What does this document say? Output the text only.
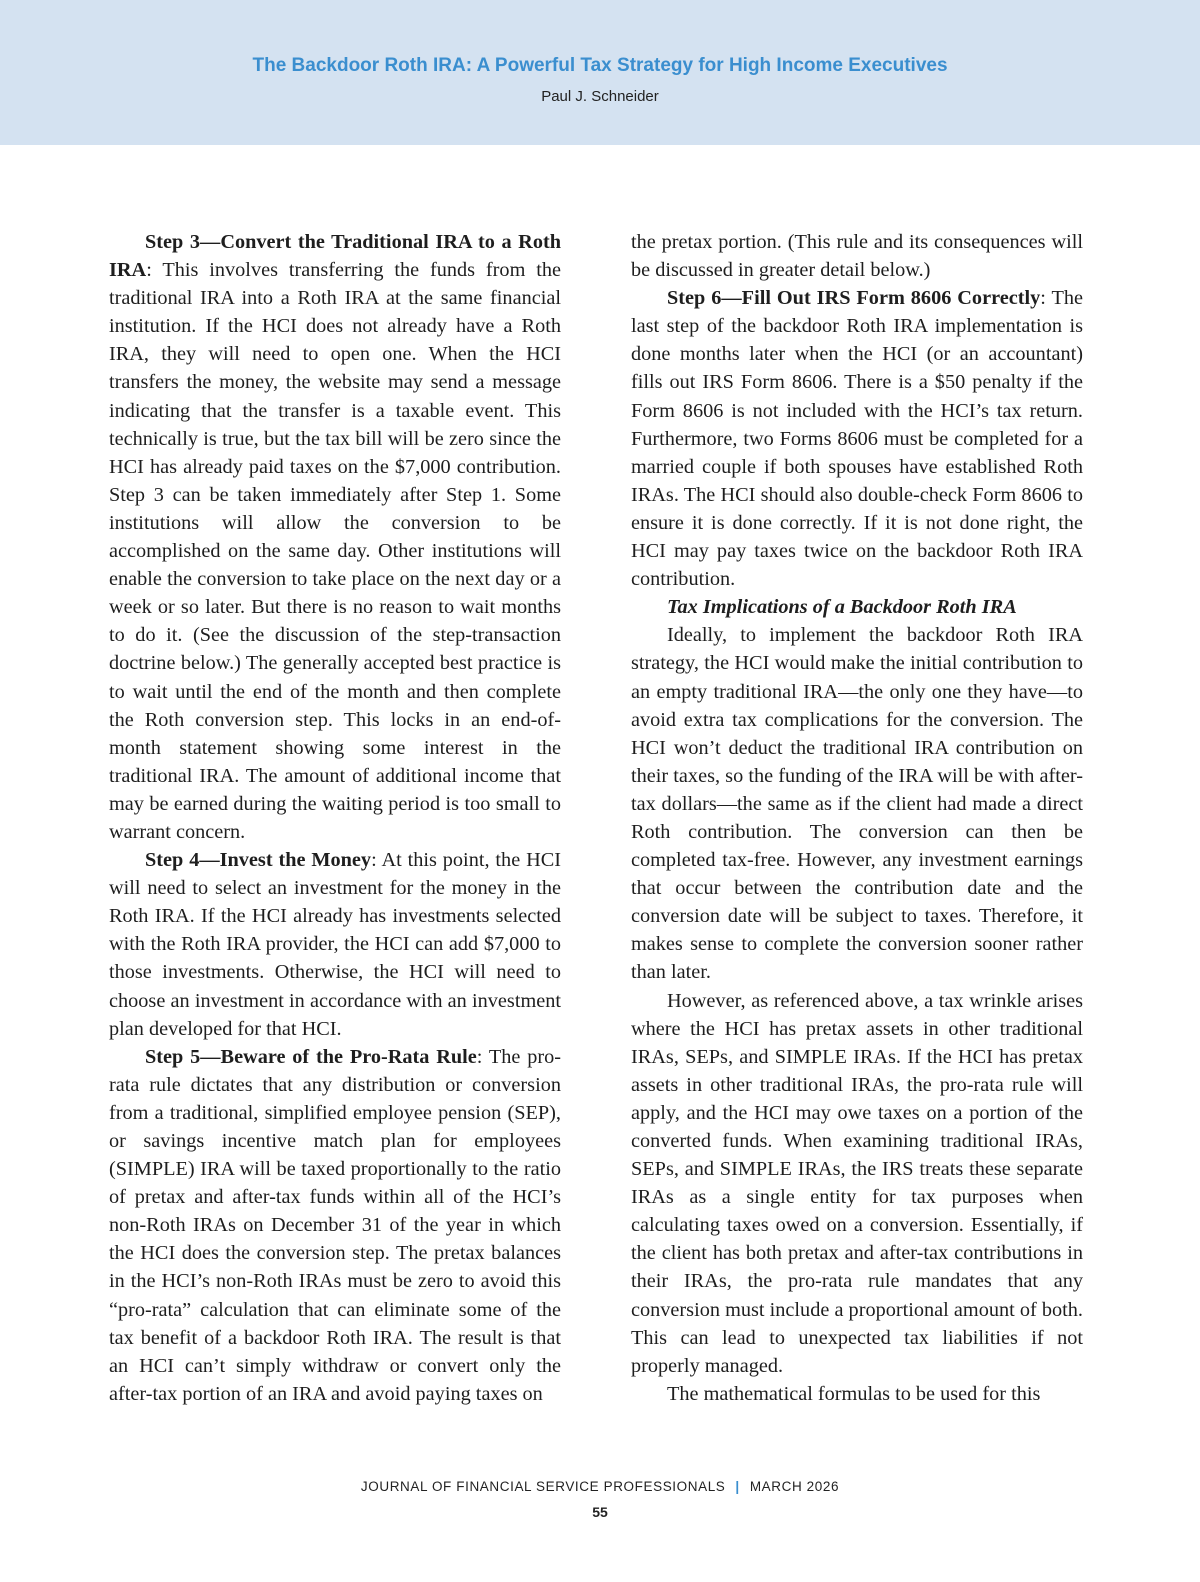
The Backdoor Roth IRA: A Powerful Tax Strategy for High Income Executives
Paul J. Schneider

Step 3—Convert the Traditional IRA to a Roth IRA: This involves transferring the funds from the traditional IRA into a Roth IRA at the same financial institution. If the HCI does not already have a Roth IRA, they will need to open one. When the HCI transfers the money, the website may send a message indicating that the transfer is a taxable event. This technically is true, but the tax bill will be zero since the HCI has already paid taxes on the $7,000 contribution. Step 3 can be taken immediately after Step 1. Some institutions will allow the conversion to be accomplished on the same day. Other institutions will enable the conversion to take place on the next day or a week or so later. But there is no reason to wait months to do it. (See the discussion of the step-transaction doctrine below.) The generally accepted best practice is to wait until the end of the month and then complete the Roth conversion step. This locks in an end-of-month statement showing some interest in the traditional IRA. The amount of additional income that may be earned during the waiting period is too small to warrant concern.

Step 4—Invest the Money: At this point, the HCI will need to select an investment for the money in the Roth IRA. If the HCI already has investments selected with the Roth IRA provider, the HCI can add $7,000 to those investments. Otherwise, the HCI will need to choose an investment in accordance with an investment plan developed for that HCI.

Step 5—Beware of the Pro-Rata Rule: The pro-rata rule dictates that any distribution or conversion from a traditional, simplified employee pension (SEP), or savings incentive match plan for employees (SIMPLE) IRA will be taxed proportionally to the ratio of pretax and after-tax funds within all of the HCI’s non-Roth IRAs on December 31 of the year in which the HCI does the conversion step. The pretax balances in the HCI’s non-Roth IRAs must be zero to avoid this “pro-rata” calculation that can eliminate some of the tax benefit of a backdoor Roth IRA. The result is that an HCI can’t simply withdraw or convert only the after-tax portion of an IRA and avoid paying taxes on

the pretax portion. (This rule and its consequences will be discussed in greater detail below.)

Step 6—Fill Out IRS Form 8606 Correctly: The last step of the backdoor Roth IRA implementation is done months later when the HCI (or an accountant) fills out IRS Form 8606. There is a $50 penalty if the Form 8606 is not included with the HCI’s tax return. Furthermore, two Forms 8606 must be completed for a married couple if both spouses have established Roth IRAs. The HCI should also double-check Form 8606 to ensure it is done correctly. If it is not done right, the HCI may pay taxes twice on the backdoor Roth IRA contribution.

Tax Implications of a Backdoor Roth IRA

Ideally, to implement the backdoor Roth IRA strategy, the HCI would make the initial contribution to an empty traditional IRA—the only one they have—to avoid extra tax complications for the conversion. The HCI won’t deduct the traditional IRA contribution on their taxes, so the funding of the IRA will be with after-tax dollars—the same as if the client had made a direct Roth contribution. The conversion can then be completed tax-free. However, any investment earnings that occur between the contribution date and the conversion date will be subject to taxes. Therefore, it makes sense to complete the conversion sooner rather than later.

However, as referenced above, a tax wrinkle arises where the HCI has pretax assets in other traditional IRAs, SEPs, and SIMPLE IRAs. If the HCI has pretax assets in other traditional IRAs, the pro-rata rule will apply, and the HCI may owe taxes on a portion of the converted funds. When examining traditional IRAs, SEPs, and SIMPLE IRAs, the IRS treats these separate IRAs as a single entity for tax purposes when calculating taxes owed on a conversion. Essentially, if the client has both pretax and after-tax contributions in their IRAs, the pro-rata rule mandates that any conversion must include a proportional amount of both. This can lead to unexpected tax liabilities if not properly managed.

The mathematical formulas to be used for this

JOURNAL OF FINANCIAL SERVICE PROFESSIONALS | MARCH 2026
55
